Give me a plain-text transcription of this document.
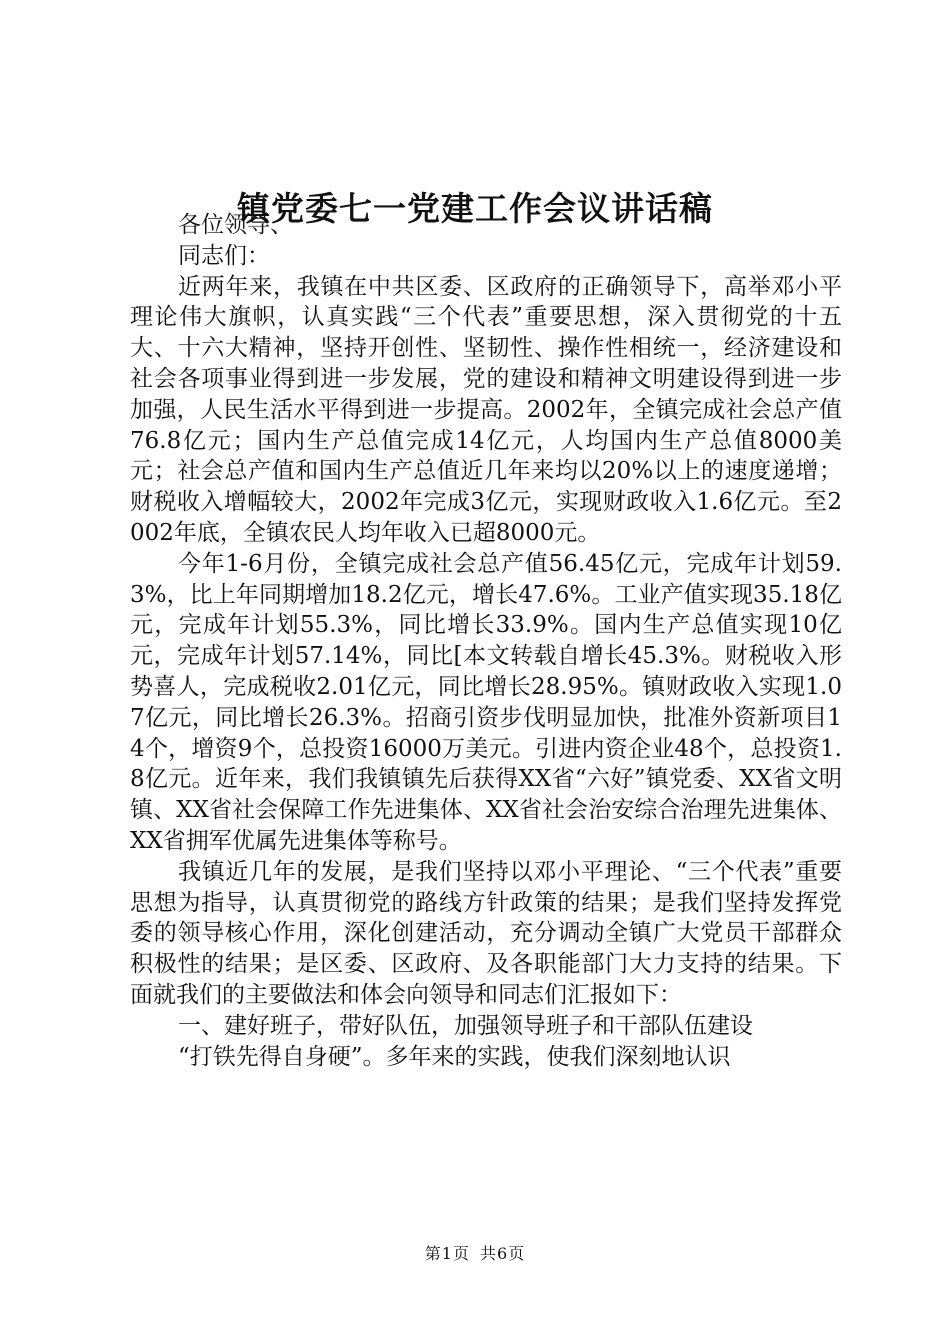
镇党委七一党建工作会议讲话稿

各位领导、

同志们：

近两年来，我镇在中共区委、区政府的正确领导下，高举邓小平理论伟大旗帜，认真实践“三个代表”重要思想，深入贯彻党的十五大、十六大精神，坚持开创性、坚韧性、操作性相统一，经济建设和社会各项事业得到进一步发展，党的建设和精神文明建设得到进一步加强，人民生活水平得到进一步提高。2002年，全镇完成社会总产值76.8亿元；国内生产总值完成14亿元，人均国内生产总值8000美元；社会总产值和国内生产总值近几年来均以20%以上的速度递增；财税收入增幅较大，2002年完成3亿元，实现财政收入1.6亿元。至2002年底，全镇农民人均年收入已超8000元。

今年1-6月份，全镇完成社会总产值56.45亿元，完成年计划59.3%，比上年同期增加18.2亿元，增长47.6%。工业产值实现35.18亿元，完成年计划55.3%，同比增长33.9%。国内生产总值实现10亿元，完成年计划57.14%，同比[本文转载自增长45.3%。财税收入形势喜人，完成税收2.01亿元，同比增长28.95%。镇财政收入实现1.07亿元，同比增长26.3%。招商引资步伐明显加快，批准外资新项目14个，增资9个，总投资16000万美元。引进内资企业48个，总投资1.8亿元。近年来，我们我镇镇先后获得XX省“六好”镇党委、XX省文明镇、XX省社会保障工作先进集体、XX省社会治安综合治理先进集体、XX省拥军优属先进集体等称号。

我镇近几年的发展，是我们坚持以邓小平理论、“三个代表”重要思想为指导，认真贯彻党的路线方针政策的结果；是我们坚持发挥党委的领导核心作用，深化创建活动，充分调动全镇广大党员干部群众积极性的结果；是区委、区政府、及各职能部门大力支持的结果。下面就我们的主要做法和体会向领导和同志们汇报如下：

一、建好班子，带好队伍，加强领导班子和干部队伍建设

“打铁先得自身硬”。多年来的实践，使我们深刻地认识

第1页 共6页
